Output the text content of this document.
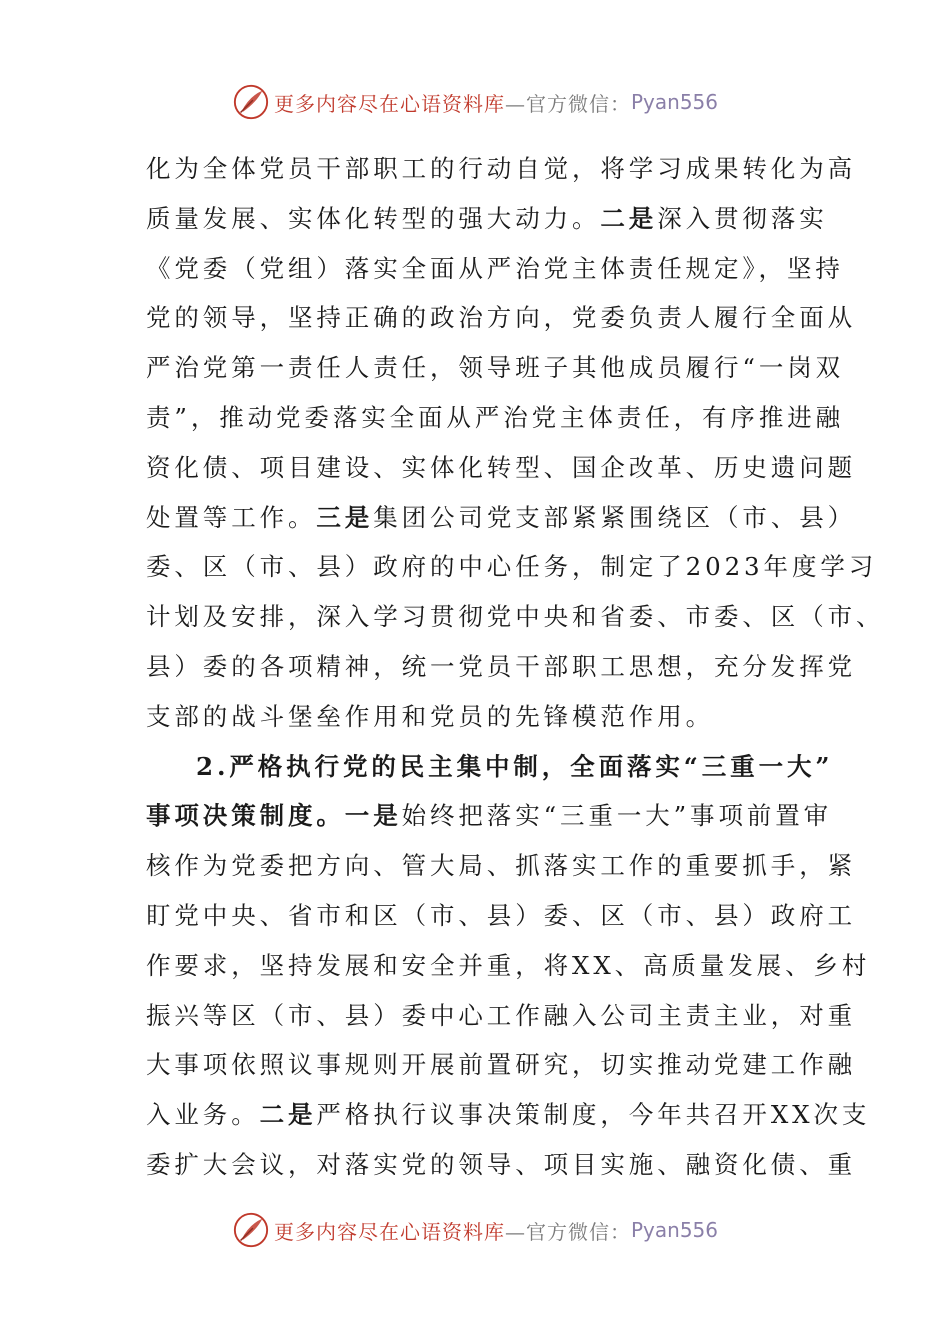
更多内容尽在心语资料库 —官方微信： Pyan556
化为全体党员干部职工的行动自觉，将学习成果转化为高
质量发展、实体化转型的强大动力。二是深入贯彻落实
《党委（党组）落实全面从严治党主体责任规定》，坚持
党的领导，坚持正确的政治方向，党委负责人履行全面从
严治党第一责任人责任，领导班子其他成员履行“一岗双
责”，推动党委落实全面从严治党主体责任，有序推进融
资化债、项目建设、实体化转型、国企改革、历史遗问题
处置等工作。三是集团公司党支部紧紧围绕区（市、县）
委、区（市、县）政府的中心任务，制定了2023年度学习
计划及安排，深入学习贯彻党中央和省委、市委、区（市、
县）委的各项精神，统一党员干部职工思想，充分发挥党
支部的战斗堡垒作用和党员的先锋模范作用。
2.严格执行党的民主集中制，全面落实“三重一大”
事项决策制度。一是始终把落实“三重一大”事项前置审
核作为党委把方向、管大局、抓落实工作的重要抓手，紧
盯党中央、省市和区（市、县）委、区（市、县）政府工
作要求，坚持发展和安全并重，将XX、高质量发展、乡村
振兴等区（市、县）委中心工作融入公司主责主业，对重
大事项依照议事规则开展前置研究，切实推动党建工作融
入业务。二是严格执行议事决策制度，今年共召开XX次支
委扩大会议，对落实党的领导、项目实施、融资化债、重
更多内容尽在心语资料库 —官方微信： Pyan556
